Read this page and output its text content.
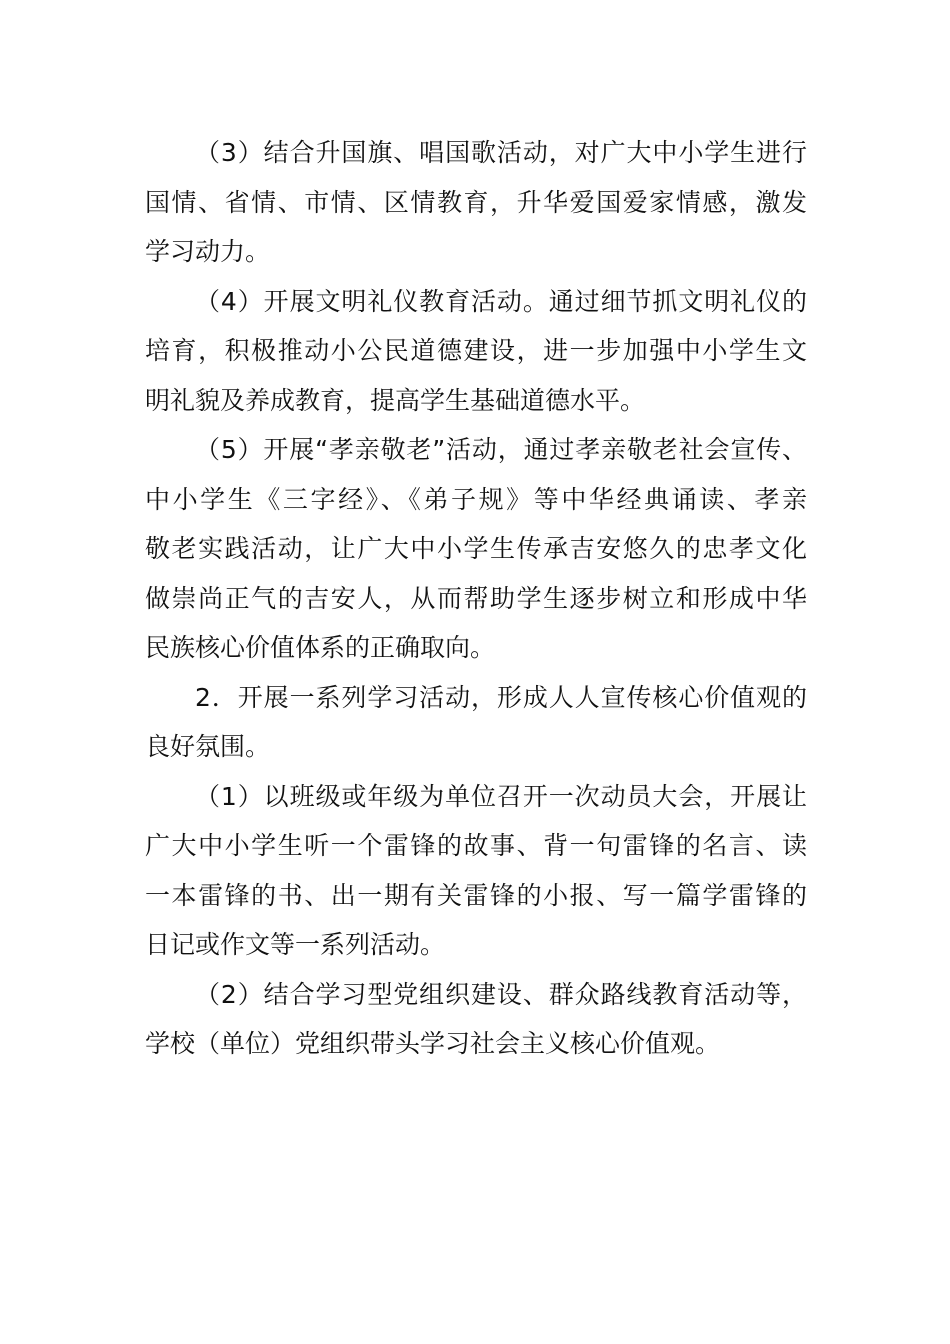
（3）结合升国旗、唱国歌活动，对广大中小学生进行
国情、省情、市情、区情教育，升华爱国爱家情感，激发
学习动力。
（4）开展文明礼仪教育活动。通过细节抓文明礼仪的
培育，积极推动小公民道德建设，进一步加强中小学生文
明礼貌及养成教育，提高学生基础道德水平。
（5）开展“孝亲敬老”活动，通过孝亲敬老社会宣传、
中小学生《三字经》、《弟子规》等中华经典诵读、孝亲
敬老实践活动，让广大中小学生传承吉安悠久的忠孝文化
做崇尚正气的吉安人，从而帮助学生逐步树立和形成中华
民族核心价值体系的正确取向。
2．开展一系列学习活动，形成人人宣传核心价值观的
良好氛围。
（1）以班级或年级为单位召开一次动员大会，开展让
广大中小学生听一个雷锋的故事、背一句雷锋的名言、读
一本雷锋的书、出一期有关雷锋的小报、写一篇学雷锋的
日记或作文等一系列活动。
（2）结合学习型党组织建设、群众路线教育活动等，
学校（单位）党组织带头学习社会主义核心价值观。
